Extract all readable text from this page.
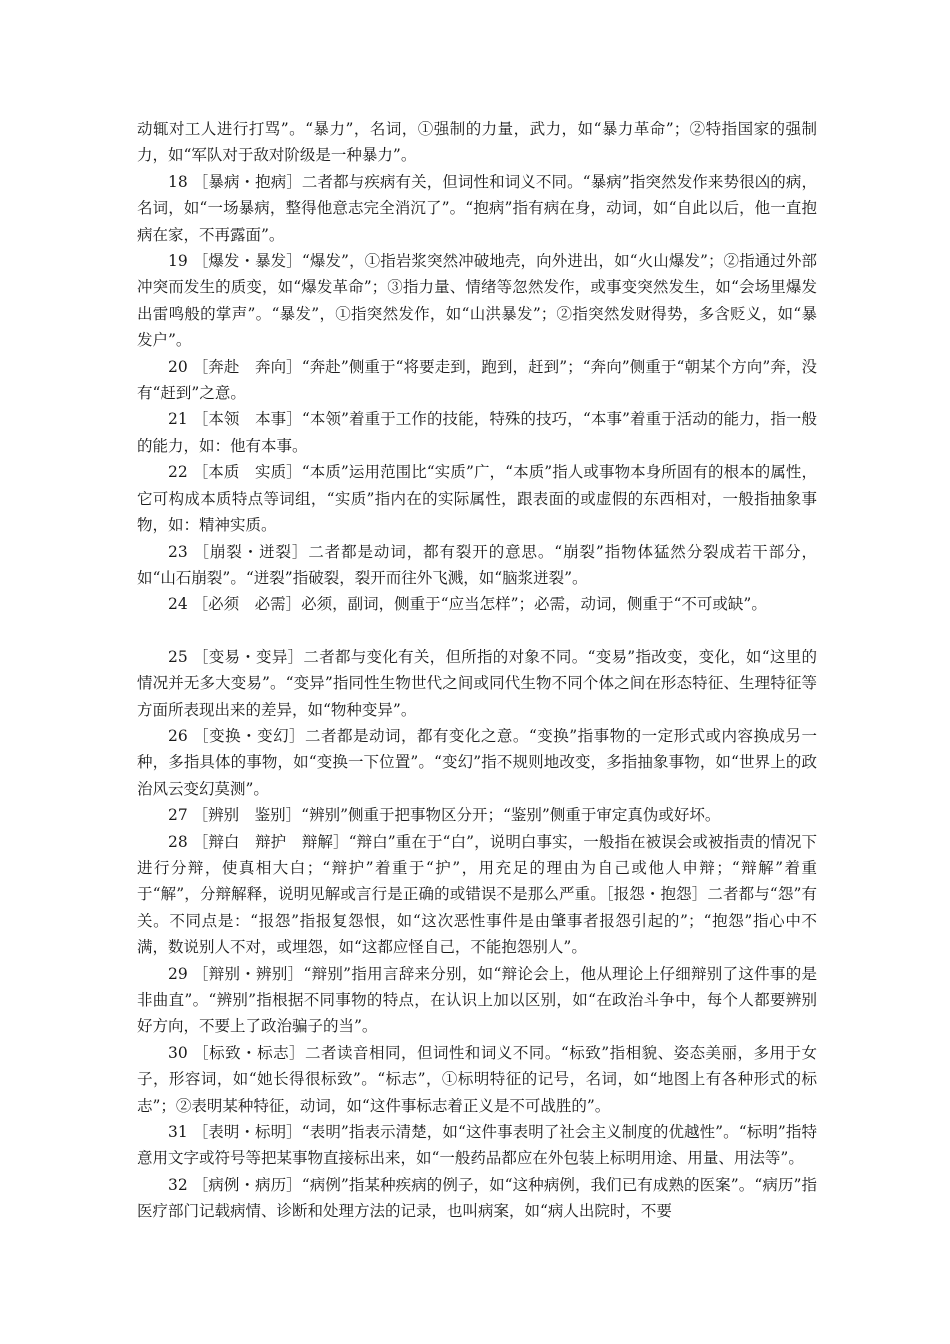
动辄对工人进行打骂”。“暴力”，名词，①强制的力量，武力，如“暴力革命”；②特指国家的强制力，如“军队对于敌对阶级是一种暴力”。

18 ［暴病・抱病］二者都与疾病有关，但词性和词义不同。“暴病”指突然发作来势很凶的病，名词，如“一场暴病，整得他意志完全消沉了”。“抱病”指有病在身，动词，如“自此以后，他一直抱病在家，不再露面”。

19 ［爆发・暴发］“爆发”，①指岩浆突然冲破地壳，向外进出，如“火山爆发”；②指通过外部冲突而发生的质变，如“爆发革命”；③指力量、情绪等忽然发作，或事变突然发生，如“会场里爆发出雷鸣般的掌声”。“暴发”，①指突然发作，如“山洪暴发”；②指突然发财得势，多含贬义，如“暴发户”。

20 ［奔赴　奔向］“奔赴”侧重于“将要走到，跑到，赶到”；“奔向”侧重于“朝某个方向”奔，没有“赶到”之意。

21 ［本领　本事］“本领”着重于工作的技能，特殊的技巧，“本事”着重于活动的能力，指一般的能力，如：他有本事。

22 ［本质　实质］“本质”运用范围比“实质”广，“本质”指人或事物本身所固有的根本的属性，它可构成本质特点等词组，“实质”指内在的实际属性，跟表面的或虚假的东西相对，一般指抽象事物，如：精神实质。

23 ［崩裂・迸裂］二者都是动词，都有裂开的意思。“崩裂”指物体猛然分裂成若干部分，如“山石崩裂”。“迸裂”指破裂，裂开而往外飞溅，如“脑浆迸裂”。

24 ［必须　必需］必须，副词，侧重于“应当怎样”；必需，动词，侧重于“不可或缺”。

25 ［变易・变异］二者都与变化有关，但所指的对象不同。“变易”指改变，变化，如“这里的情况并无多大变易”。“变异”指同性生物世代之间或同代生物不同个体之间在形态特征、生理特征等方面所表现出来的差异，如“物种变异”。

26 ［变换・变幻］二者都是动词，都有变化之意。“变换”指事物的一定形式或内容换成另一种，多指具体的事物，如“变换一下位置”。“变幻”指不规则地改变，多指抽象事物，如“世界上的政治风云变幻莫测”。

27 ［辨别　鉴别］“辨别”侧重于把事物区分开；“鉴别”侧重于审定真伪或好坏。

28 ［辩白　辩护　辩解］“辩白”重在于“白”，说明白事实，一般指在被误会或被指责的情况下进行分辩，使真相大白；“辩护”着重于“护”，用充足的理由为自己或他人申辩；“辩解”着重于“解”，分辩解释，说明见解或言行是正确的或错误不是那么严重。［报怨・抱怨］二者都与“怨”有关。不同点是：“报怨”指报复怨恨，如“这次恶性事件是由肇事者报怨引起的”；“抱怨”指心中不满，数说别人不对，或埋怨，如“这都应怪自己，不能抱怨别人”。

29 ［辩别・辨别］“辩别”指用言辞来分别，如“辩论会上，他从理论上仔细辩别了这件事的是非曲直”。“辨别”指根据不同事物的特点，在认识上加以区别，如“在政治斗争中，每个人都要辨别好方向，不要上了政治骗子的当”。

30 ［标致・标志］二者读音相同，但词性和词义不同。“标致”指相貌、姿态美丽，多用于女子，形容词，如“她长得很标致”。“标志”，①标明特征的记号，名词，如“地图上有各种形式的标志”；②表明某种特征，动词，如“这件事标志着正义是不可战胜的”。

31 ［表明・标明］“表明”指表示清楚，如“这件事表明了社会主义制度的优越性”。“标明”指特意用文字或符号等把某事物直接标出来，如“一般药品都应在外包装上标明用途、用量、用法等”。

32 ［病例・病历］“病例”指某种疾病的例子，如“这种病例，我们已有成熟的医案”。“病历”指医疗部门记载病情、诊断和处理方法的记录，也叫病案，如“病人出院时，不要
